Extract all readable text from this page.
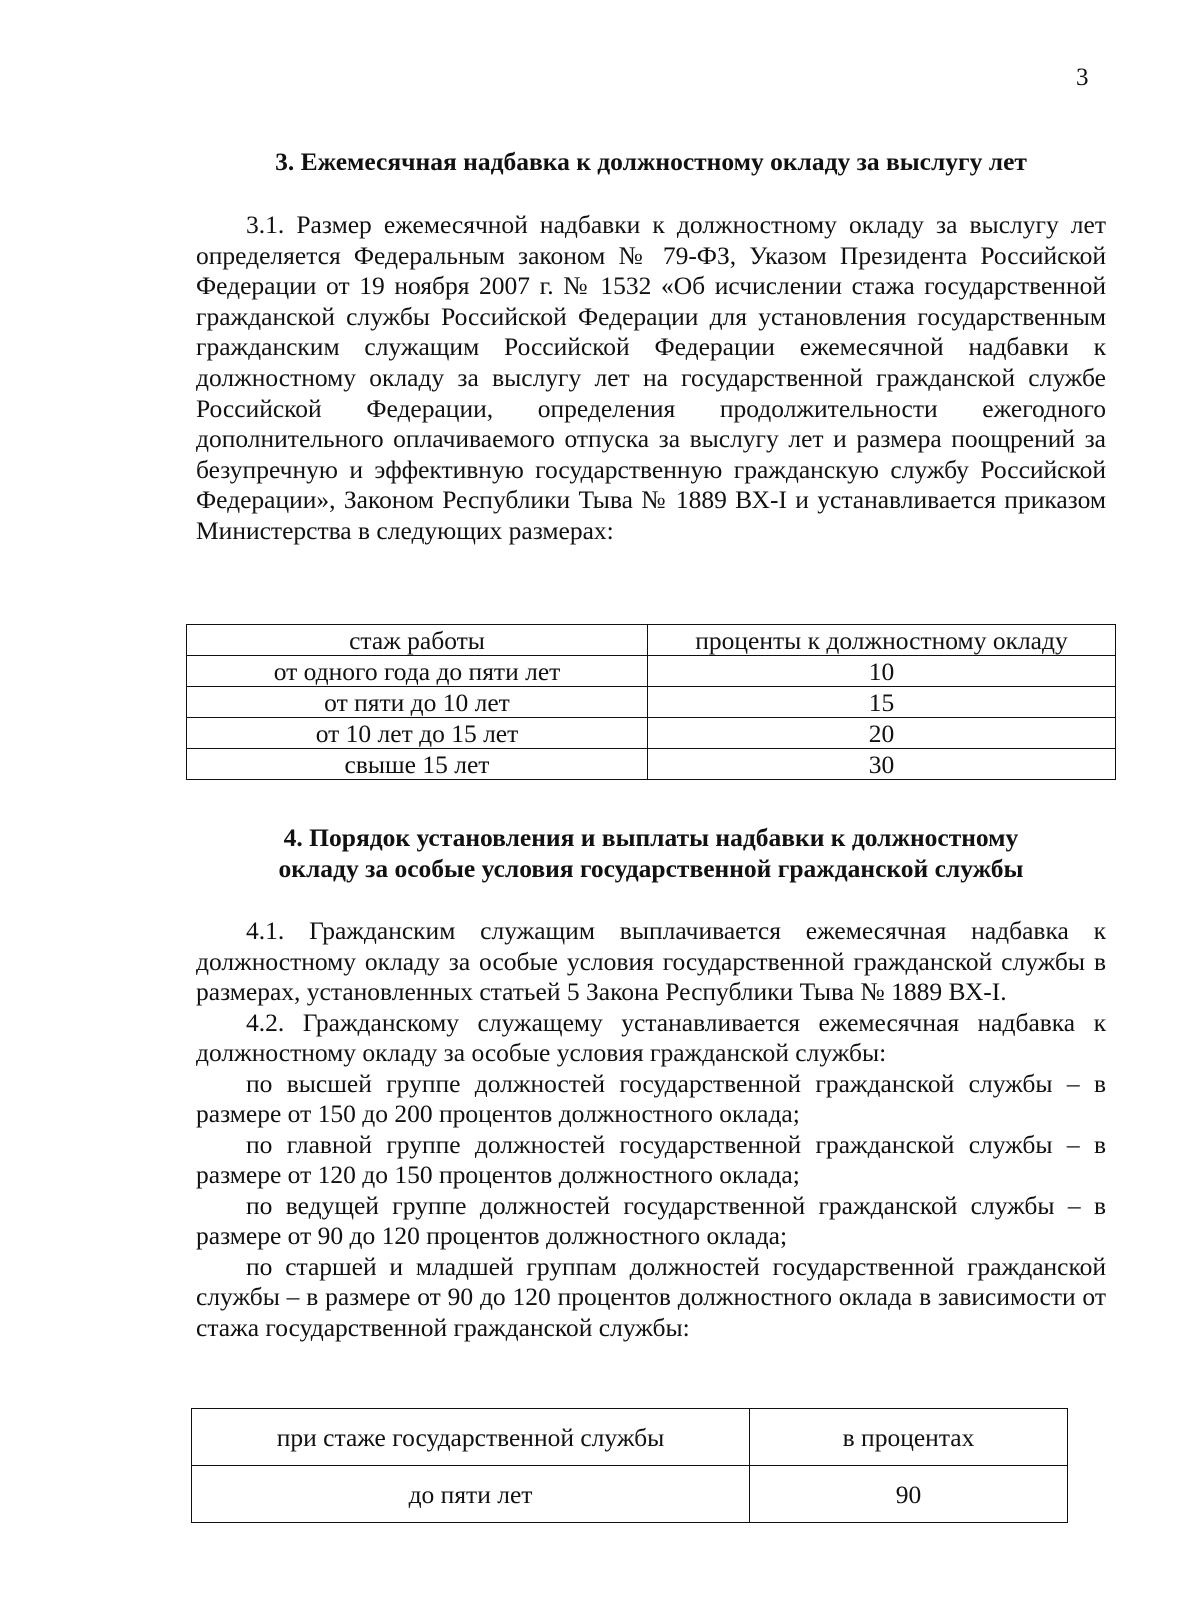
3
3. Ежемесячная надбавка к должностному окладу за выслугу лет
3.1. Размер ежемесячной надбавки к должностному окладу за выслугу лет определяется Федеральным законом № 79-ФЗ, Указом Президента Российской Федерации от 19 ноября 2007 г. № 1532 «Об исчислении стажа государственной гражданской службы Российской Федерации для установления государственным гражданским служащим Российской Федерации ежемесячной надбавки к должностному окладу за выслугу лет на государственной гражданской службе Российской Федерации, определения продолжительности ежегодного дополнительного оплачиваемого отпуска за выслугу лет и размера поощрений за безупречную и эффективную государственную гражданскую службу Российской Федерации», Законом Республики Тыва № 1889 ВХ-I и устанавливается приказом Министерства в следующих размерах:
стаж работы	проценты к должностному окладу
от одного года до пяти лет	10
от пяти до 10 лет	15
от 10 лет до 15 лет	20
свыше 15 лет	30
4. Порядок установления и выплаты надбавки к должностному
окладу за особые условия государственной гражданской службы

4.1. Гражданским служащим выплачивается ежемесячная надбавка к должностному окладу за особые условия государственной гражданской службы в размерах, установленных статьей 5 Закона Республики Тыва № 1889 ВХ-I.

4.2. Гражданскому служащему устанавливается ежемесячная надбавка к должностному окладу за особые условия гражданской службы:

по высшей группе должностей государственной гражданской службы – в размере от 150 до 200 процентов должностного оклада;

по главной группе должностей государственной гражданской службы – в размере от 120 до 150 процентов должностного оклада;

по ведущей группе должностей государственной гражданской службы – в размере от 90 до 120 процентов должностного оклада;

по старшей и младшей группам должностей государственной гражданской службы – в размере от 90 до 120 процентов должностного оклада в зависимости от стажа государственной гражданской службы:

при стаже государственной службы	в процентах
до пяти лет	90
